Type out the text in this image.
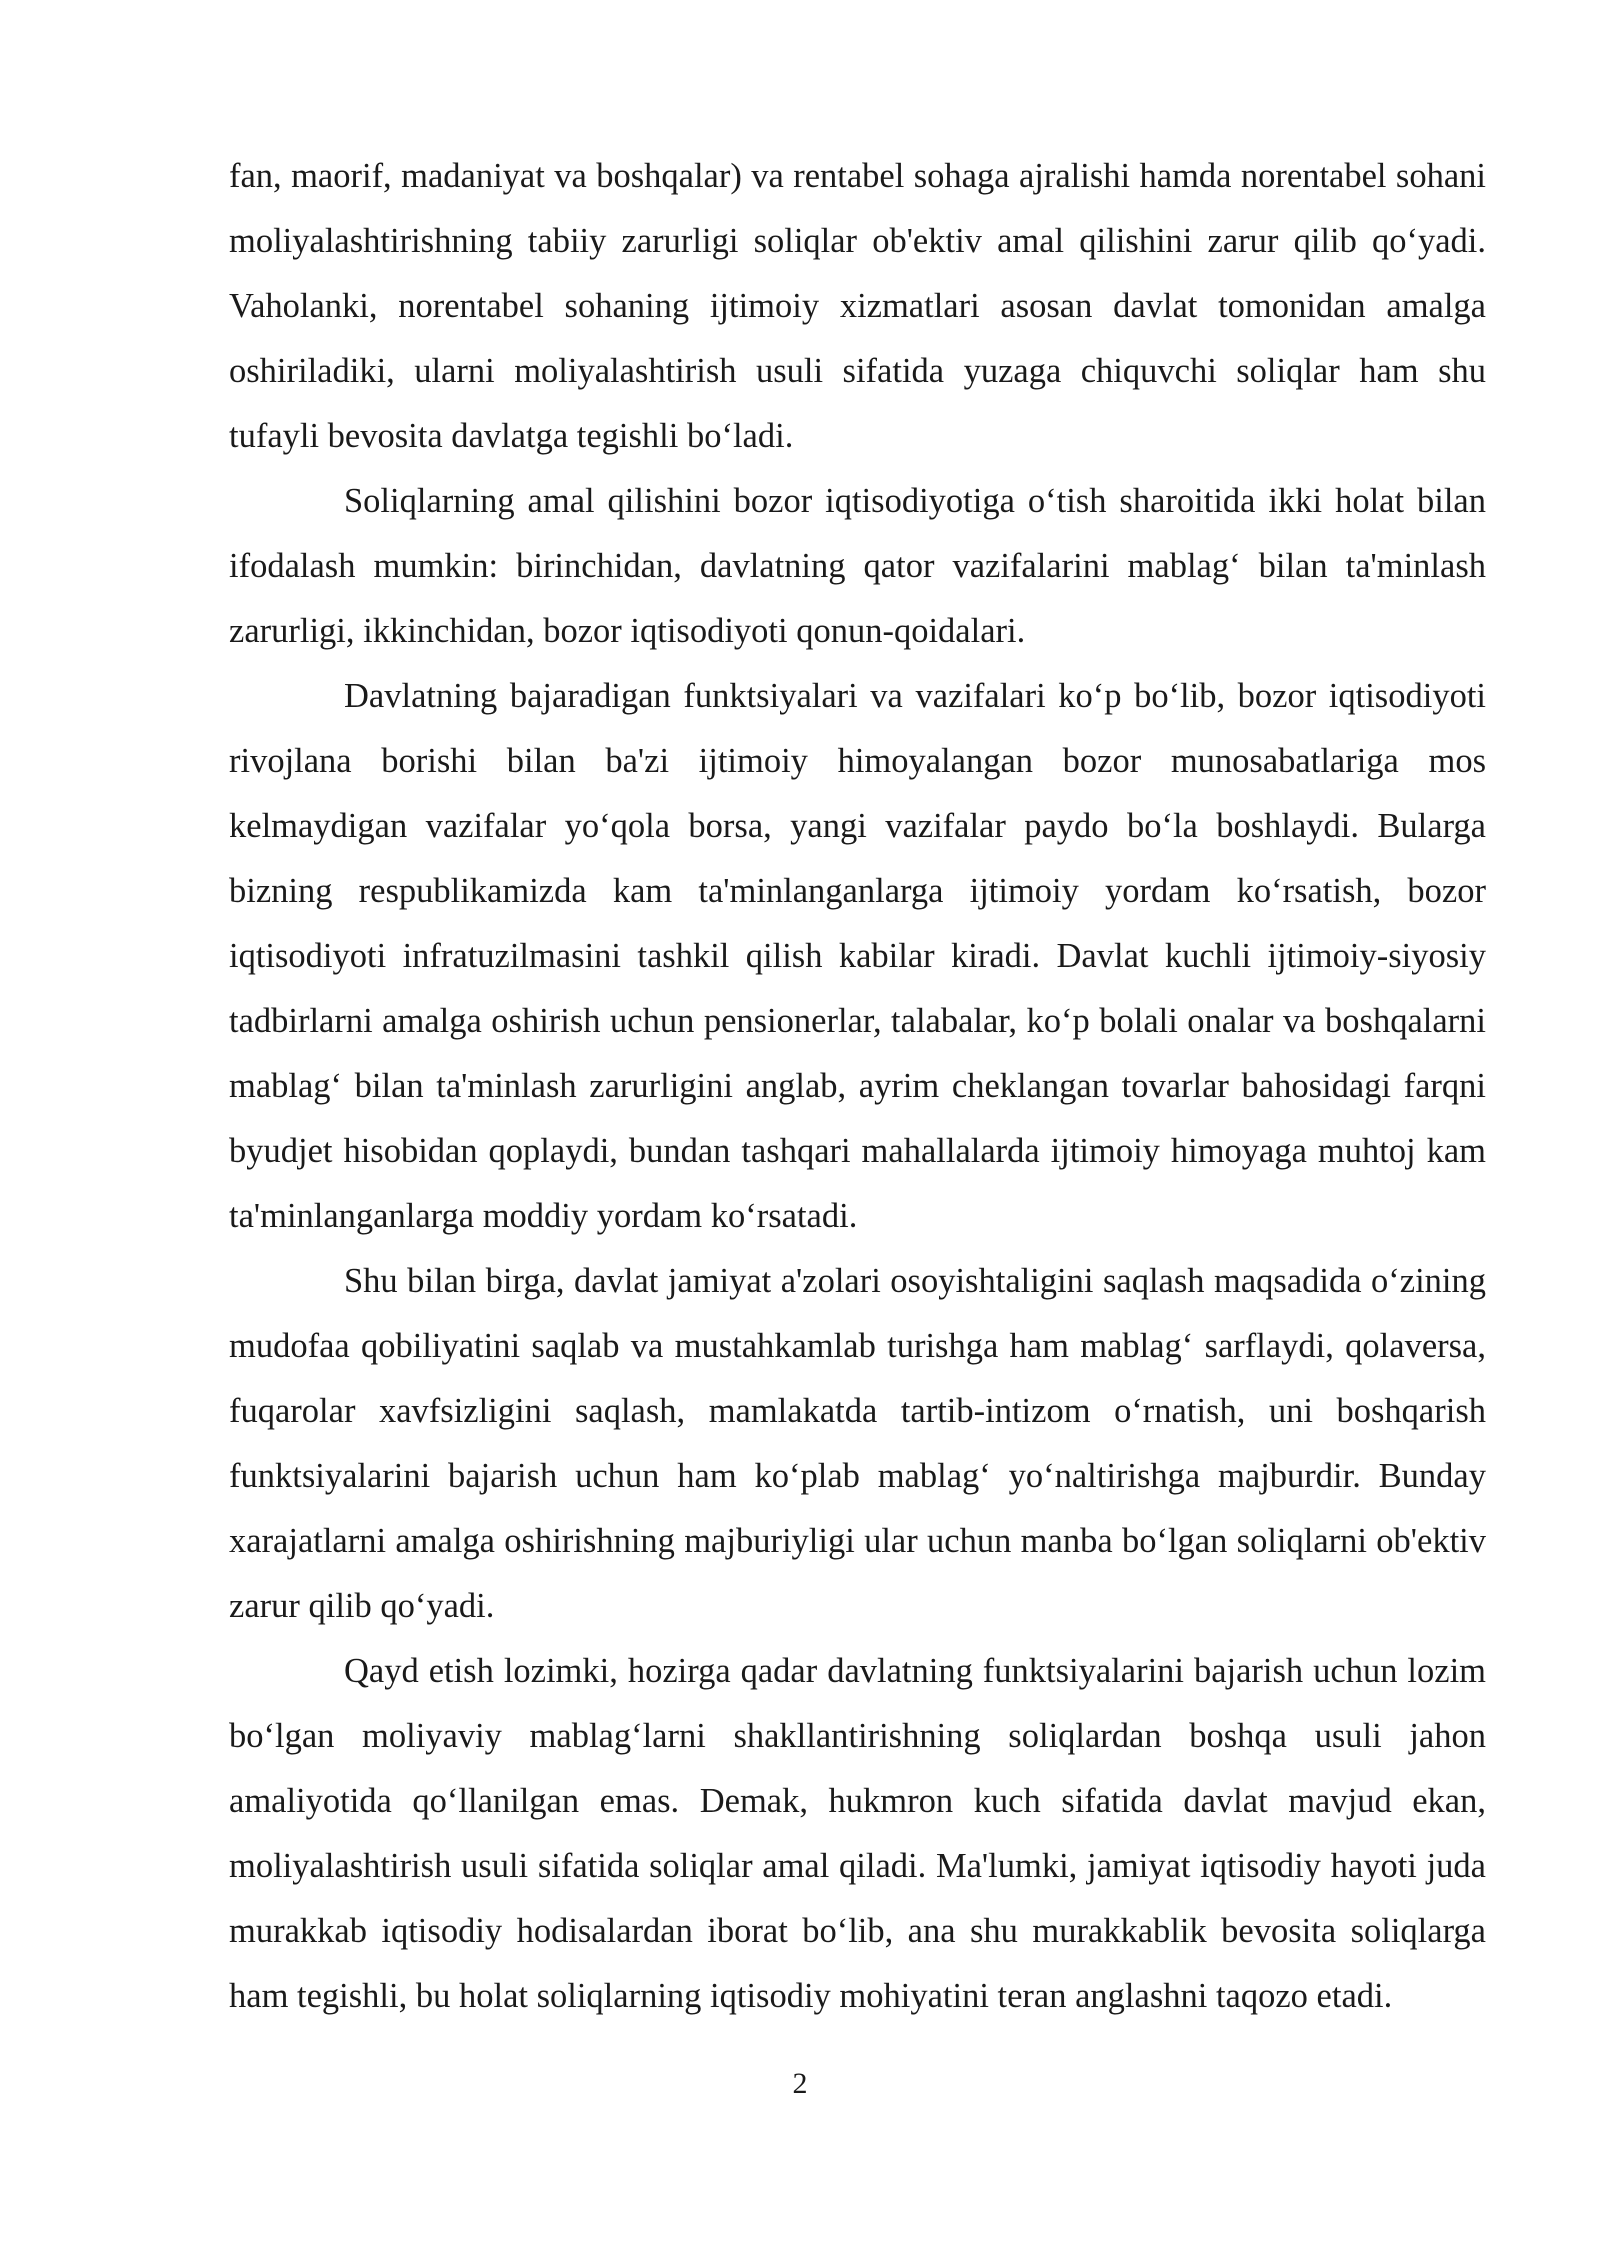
fan, maorif, madaniyat va boshqalar) va rentabel sohaga ajralishi hamda norentabel sohani moliyalashtirishning tabiiy zarurligi soliqlar ob'ektiv amal qilishini zarur qilib qo‘yadi. Vaholanki, norentabel sohaning ijtimoiy xizmatlari asosan davlat tomonidan amalga oshiriladiki, ularni moliyalashtirish usuli sifatida yuzaga chiquvchi soliqlar ham shu tufayli bevosita davlatga tegishli bo‘ladi.

Soliqlarning amal qilishini bozor iqtisodiyotiga o‘tish sharoitida ikki holat bilan ifodalash mumkin: birinchidan, davlatning qator vazifalarini mablag‘ bilan ta'minlash zarurligi, ikkinchidan, bozor iqtisodiyoti qonun-qoidalari.

Davlatning bajaradigan funktsiyalari va vazifalari ko‘p bo‘lib, bozor iqtisodiyoti rivojlana borishi bilan ba'zi ijtimoiy himoyalangan bozor munosabatlariga mos kelmaydigan vazifalar yo‘qola borsa, yangi vazifalar paydo bo‘la boshlaydi. Bularga bizning respublikamizda kam ta'minlanganlarga ijtimoiy yordam ko‘rsatish, bozor iqtisodiyoti infratuzilmasini tashkil qilish kabilar kiradi. Davlat kuchli ijtimoiy-siyosiy tadbirlarni amalga oshirish uchun pensionerlar, talabalar, ko‘p bolali onalar va boshqalarni mablag‘ bilan ta'minlash zarurligini anglab, ayrim cheklangan tovarlar bahosidagi farqni byudjet hisobidan qoplaydi, bundan tashqari mahallalarda ijtimoiy himoyaga muhtoj kam ta'minlanganlarga moddiy yordam ko‘rsatadi.

Shu bilan birga, davlat jamiyat a'zolari osoyishtaligini saqlash maqsadida o‘zining mudofaa qobiliyatini saqlab va mustahkamlab turishga ham mablag‘ sarflaydi, qolaversa, fuqarolar xavfsizligini saqlash, mamlakatda tartib-intizom o‘rnatish, uni boshqarish funktsiyalarini bajarish uchun ham ko‘plab mablag‘ yo‘naltirishga majburdir. Bunday xarajatlarni amalga oshirishning majburiyligi ular uchun manba bo‘lgan soliqlarni ob'ektiv zarur qilib qo‘yadi.

Qayd etish lozimki, hozirga qadar davlatning funktsiyalarini bajarish uchun lozim bo‘lgan moliyaviy mablag‘larni shakllantirishning soliqlardan boshqa usuli jahon amaliyotida qo‘llanilgan emas. Demak, hukmron kuch sifatida davlat mavjud ekan, moliyalashtirish usuli sifatida soliqlar amal qiladi. Ma'lumki, jamiyat iqtisodiy hayoti juda murakkab iqtisodiy hodisalardan iborat bo‘lib, ana shu murakkablik bevosita soliqlarga ham tegishli, bu holat soliqlarning iqtisodiy mohiyatini teran anglashni taqozo etadi.

2
